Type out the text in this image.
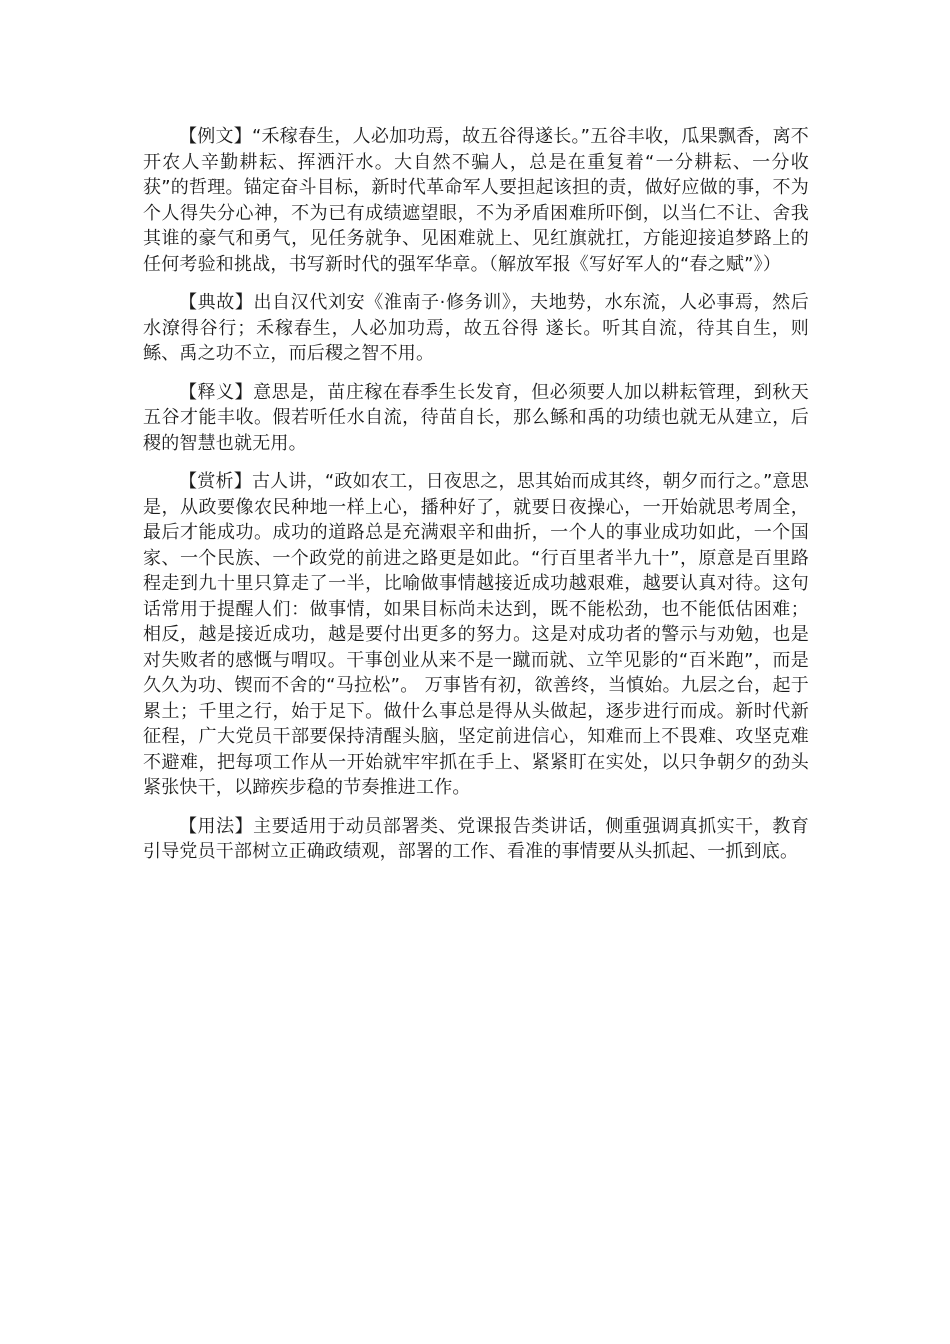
【例文】“禾稼春生，人必加功焉，故五谷得遂长。”五谷丰收，瓜果飘香，离不开农人辛勤耕耘、挥洒汗水。大自然不骗人，总是在重复着“一分耕耘、一分收获”的哲理。锚定奋斗目标，新时代革命军人要担起该担的责，做好应做的事，不为个人得失分心神，不为已有成绩遮望眼，不为矛盾困难所吓倒，以当仁不让、舍我其谁的豪气和勇气，见任务就争、见困难就上、见红旗就扛，方能迎接追梦路上的任何考验和挑战，书写新时代的强军华章。（解放军报《写好军人的“春之赋”》）

【典故】出自汉代刘安《淮南子·修务训》，夫地势，水东流，人必事焉，然后水潦得谷行；禾稼春生，人必加功焉，故五谷得 遂长。听其自流，待其自生，则鲧、禹之功不立，而后稷之智不用。

【释义】意思是，苗庄稼在春季生长发育，但必须要人加以耕耘管理，到秋天五谷才能丰收。假若听任水自流，待苗自长，那么鲧和禹的功绩也就无从建立，后稷的智慧也就无用。

【赏析】古人讲，“政如农工，日夜思之，思其始而成其终，朝夕而行之。”意思是，从政要像农民种地一样上心，播种好了，就要日夜操心，一开始就思考周全，最后才能成功。成功的道路总是充满艰辛和曲折，一个人的事业成功如此，一个国家、一个民族、一个政党的前进之路更是如此。“行百里者半九十”，原意是百里路程走到九十里只算走了一半，比喻做事情越接近成功越艰难，越要认真对待。这句话常用于提醒人们：做事情，如果目标尚未达到，既不能松劲，也不能低估困难；相反，越是接近成功，越是要付出更多的努力。这是对成功者的警示与劝勉，也是对失败者的感慨与喟叹。干事创业从来不是一蹴而就、立竿见影的“百米跑”，而是久久为功、锲而不舍的“马拉松”。 万事皆有初，欲善终，当慎始。九层之台，起于累土；千里之行，始于足下。做什么事总是得从头做起，逐步进行而成。新时代新征程，广大党员干部要保持清醒头脑，坚定前进信心，知难而上不畏难、攻坚克难不避难，把每项工作从一开始就牢牢抓在手上、紧紧盯在实处，以只争朝夕的劲头紧张快干，以蹄疾步稳的节奏推进工作。

【用法】主要适用于动员部署类、党课报告类讲话，侧重强调真抓实干，教育引导党员干部树立正确政绩观，部署的工作、看准的事情要从头抓起、一抓到底。
